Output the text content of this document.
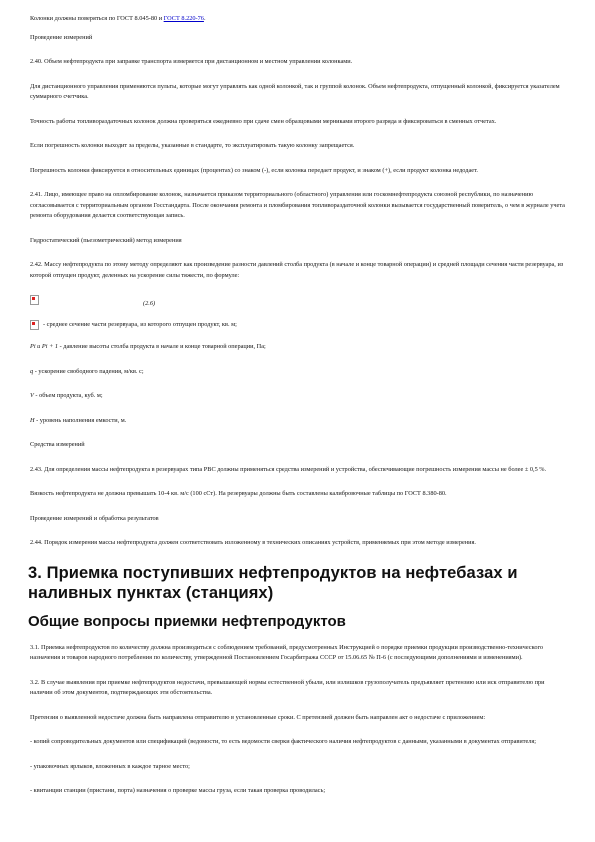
Колонки должны поверяться по ГОСТ 8.045-80 и ГОСТ 8.220-76.

Проведение измерений

2.40. Объем нефтепродукта при заправке транспорта измеряется при дистанционном и местном управлении колонками.

Для дистанционного управления применяются пульты, которые могут управлять как одной колонкой, так и группой колонок. Объем нефтепродукта, отпущенный колонкой, фиксируется указателем суммарного счетчика.

Точность работы топливораздаточных колонок должна проверяться ежедневно при сдаче смен образцовыми мерниками второго разряда и фиксироваться в сменных отчетах.

Если погрешность колонки выходит за пределы, указанные в стандарте, то эксплуатировать такую колонку запрещается.

Погрешность колонки фиксируется в относительных единицах (процентах) со знаком (-), если колонка передает продукт, и знаком (+), если продукт колонка недодает.

2.41. Лицо, имеющее право на опломбирование колонок, назначается приказом территориального (областного) управления или госкомнефтепродукта союзной республики, по назначению согласовывается с территориальным органом Госстандарта. После окончания ремонта и пломбирования топливораздаточной колонки вызывается государственный поверитель, о чем в журнале учета ремонта оборудования делается соответствующая запись.

Гидростатический (пьезометрический) метод измерения

2.42. Массу нефтепродукта по этому методу определяют как произведение разности давлений столба продукта (в начале и конце товарной операции) и средней площади сечения части резервуара, из которой отпущен продукт, деленных на ускорение силы тяжести, по формуле:

(2.6)
- среднее сечение части резервуара, из которого отпущен продукт, кв. м;

Pi и Pi + 1 - давление высоты столба продукта в начале и конце товарной операции, Па;

q - ускорение свободного падения, м/кв. с;

V - объем продукта, куб. м;

H - уровень наполнения емкости, м.

Средства измерений

2.43. Для определения массы нефтепродукта в резервуарах типа РВС должны применяться средства измерений и устройства, обеспечивающие погрешность измерения массы не более ± 0,5 %.

Вязкость нефтепродукта не должна превышать 10-4 кв. м/с (100 сСт). На резервуары должны быть составлены калибровочные таблицы по ГОСТ 8.380-80.

Проведение измерений и обработка результатов

2.44. Порядок измерения массы нефтепродукта должен соответствовать изложенному в технических описаниях устройств, применяемых при этом методе измерения.

3. Приемка поступивших нефтепродуктов на нефтебазах и наливных пунктах (станциях)
Общие вопросы приемки нефтепродуктов

3.1. Приемка нефтепродуктов по количеству должна производиться с соблюдением требований, предусмотренных Инструкцией о порядке приемки продукции производственно-технического назначения и товаров народного потребления по количеству, утвержденной Постановлением Госарбитража СССР от 15.06.65 № П-6 (с последующими дополнениями и изменениями).

3.2. В случае выявления при приемке нефтепродуктов недостачи, превышающей нормы естественной убыли, или излишков грузополучатель предъявляет претензию или иск отправителю при наличии об этом документов, подтверждающих эти обстоятельства.

Претензия о выявленной недостаче должна быть направлена отправителю в установленные сроки. С претензией должен быть направлен акт о недостаче с приложением:

- копий сопроводительных документов или спецификаций (ведомости, то есть ведомости сверки фактического наличия нефтепродуктов с данными, указанными в документах отправителя;

- упаковочных ярлыков, вложенных в каждое тарное место;

- квитанции станции (пристани, порта) назначения о проверке массы груза, если такая проверка проводилась;
